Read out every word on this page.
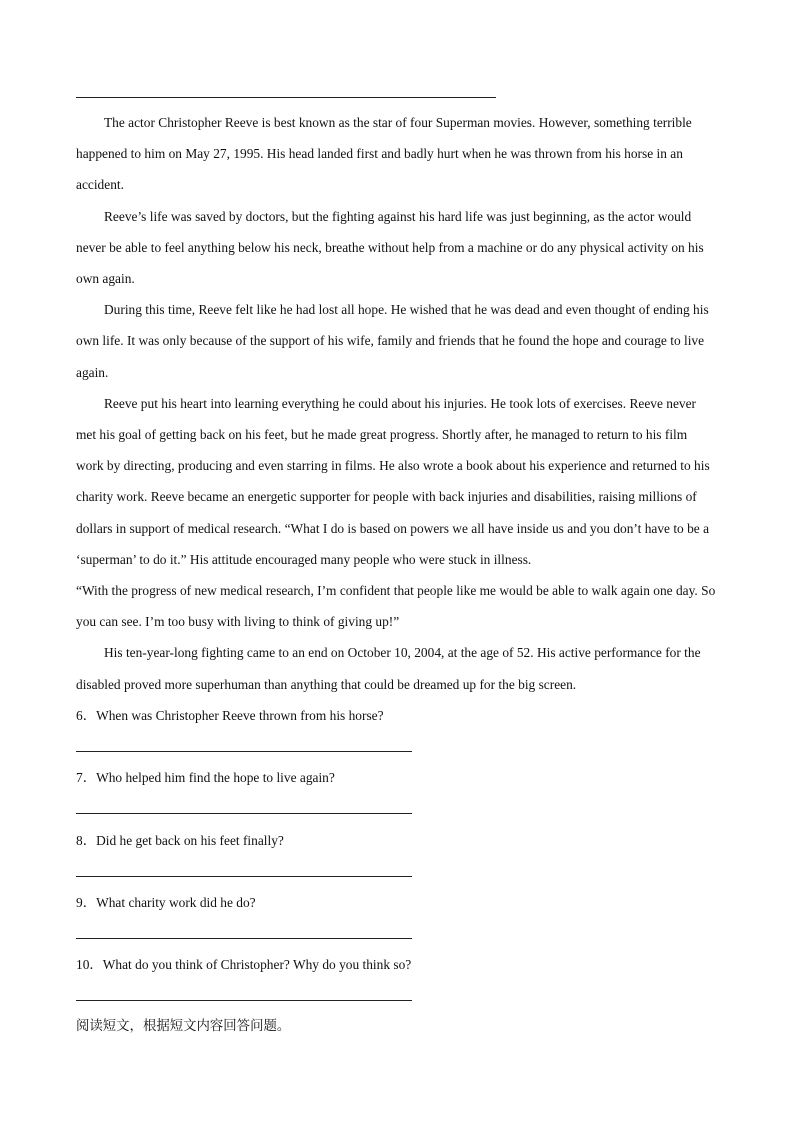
The actor Christopher Reeve is best known as the star of four Superman movies. However, something terrible happened to him on May 27, 1995. His head landed first and badly hurt when he was thrown from his horse in an accident.

Reeve’s life was saved by doctors, but the fighting against his hard life was just beginning, as the actor would never be able to feel anything below his neck, breathe without help from a machine or do any physical activity on his own again.

During this time, Reeve felt like he had lost all hope. He wished that he was dead and even thought of ending his own life. It was only because of the support of his wife, family and friends that he found the hope and courage to live again.

Reeve put his heart into learning everything he could about his injuries. He took lots of exercises. Reeve never met his goal of getting back on his feet, but he made great progress. Shortly after, he managed to return to his film work by directing, producing and even starring in films. He also wrote a book about his experience and returned to his charity work. Reeve became an energetic supporter for people with back injuries and disabilities, raising millions of dollars in support of medical research. “What I do is based on powers we all have inside us and you don’t have to be a ‘superman’ to do it.” His attitude encouraged many people who were stuck in illness.

“With the progress of new medical research, I’m confident that people like me would be able to walk again one day. So you can see. I’m too busy with living to think of giving up!”

His ten-year-long fighting came to an end on October 10, 2004, at the age of 52. His active performance for the disabled proved more superhuman than anything that could be dreamed up for the big screen.

6．When was Christopher Reeve thrown from his horse?
7．Who helped him find the hope to live again?
8．Did he get back on his feet finally?
9．What charity work did he do?
10．What do you think of Christopher? Why do you think so?
阅读短文，根据短文内容回答问题。
